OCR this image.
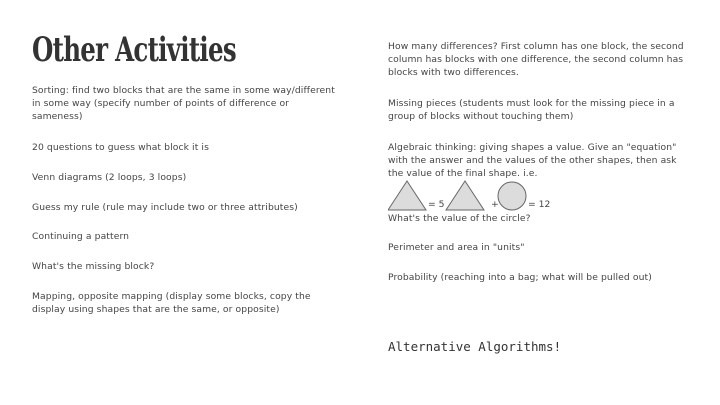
Other Activities
Sorting: find two blocks that are the same in some way/different in some way (specify number of points of difference or sameness)
20 questions to guess what block it is
Venn diagrams (2 loops, 3 loops)
Guess my rule (rule may include two or three attributes)
Continuing a pattern
What's the missing block?
Mapping, opposite mapping (display some blocks, copy the display using shapes that are the same, or opposite)
How many differences? First column has one block, the second column has blocks with one difference, the second column has blocks with two differences.
Missing pieces (students must look for the missing piece in a group of blocks without touching them)
Algebraic thinking: giving shapes a value. Give an "equation" with the answer and the values of the other shapes, then ask the value of the final shape. i.e.
= 5	+	= 12
What's the value of the circle?
Perimeter and area in "units"
Probability (reaching into a bag; what will be pulled out)
Alternative Algorithms!
